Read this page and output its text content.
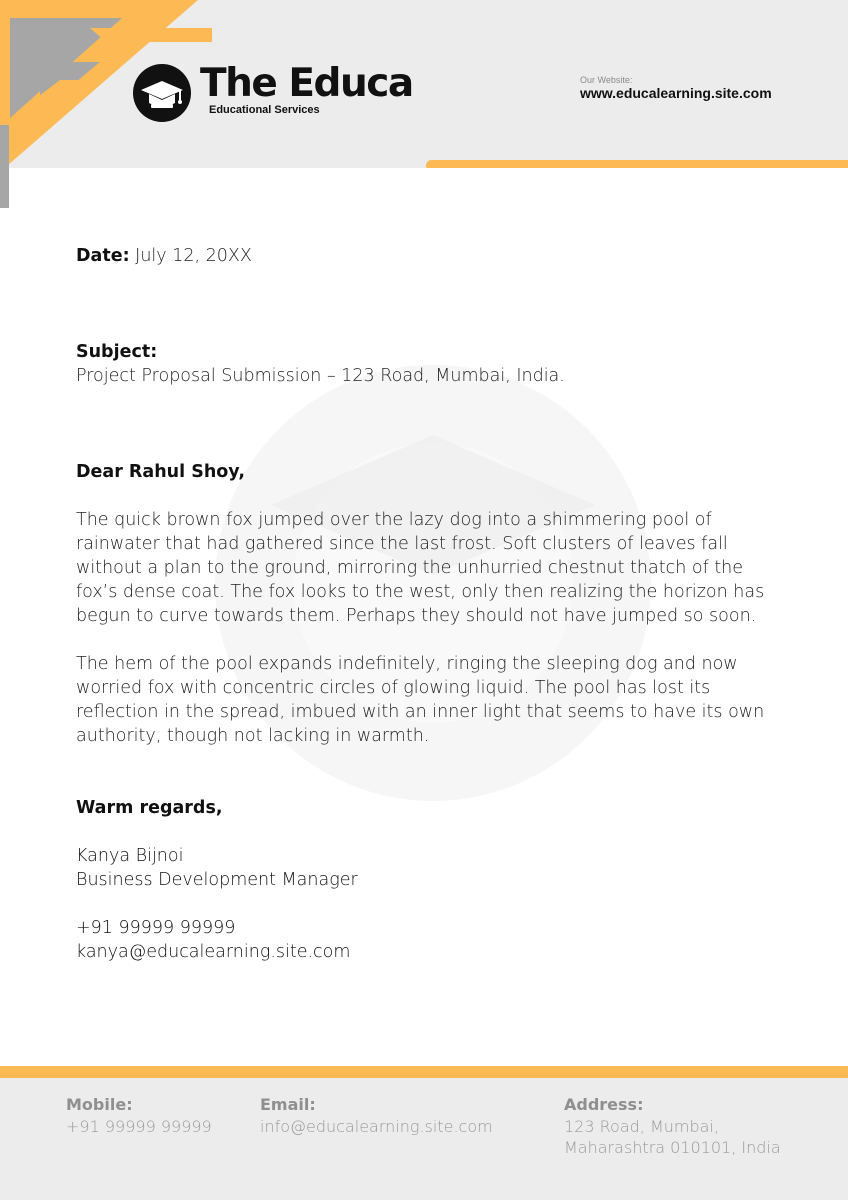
The Educa
Educational Services
Our Website:
www.educalearning.site.com
Date: July 12, 20XX
Subject:
Project Proposal Submission – 123 Road, Mumbai, India.
Dear Rahul Shoy,
The quick brown fox jumped over the lazy dog into a shimmering pool of rainwater that had gathered since the last frost. Soft clusters of leaves fall without a plan to the ground, mirroring the unhurried chestnut thatch of the fox’s dense coat. The fox looks to the west, only then realizing the horizon has begun to curve towards them. Perhaps they should not have jumped so soon.
The hem of the pool expands indefinitely, ringing the sleeping dog and now worried fox with concentric circles of glowing liquid. The pool has lost its reflection in the spread, imbued with an inner light that seems to have its own authority, though not lacking in warmth.
Warm regards,
Kanya Bijnoi
Business Development Manager
+91 99999 99999
kanya@educalearning.site.com
Mobile:
+91 99999 99999
Email:
info@educalearning.site.com
Address:
123 Road, Mumbai,
Maharashtra 010101, India
